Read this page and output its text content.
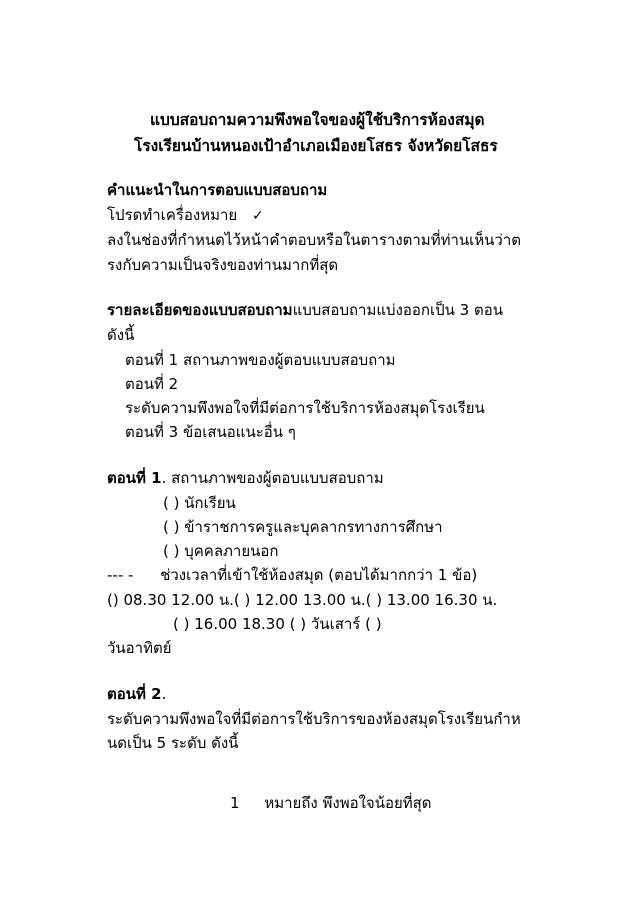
แบบสอบถามความพึงพอใจของผู้ใช้บริการห้องสมุด
โรงเรียนบ้านหนองเป้าอำเภอเมืองยโสธร จังหวัดยโสธร
คำแนะนำในการตอบแบบสอบถาม
โปรดทำเครื่องหมาย ✓
ลงในช่องที่กำหนดไว้หน้าคำตอบหรือในตารางตามที่ท่านเห็นว่าต
รงกับความเป็นจริงของท่านมากที่สุด
รายละเอียดของแบบสอบถามแบบสอบถามแบ่งออกเป็น 3 ตอน
ดังนี้
ตอนที่ 1 สถานภาพของผู้ตอบแบบสอบถาม
ตอนที่ 2
ระดับความพึงพอใจที่มีต่อการใช้บริการห้องสมุดโรงเรียน
ตอนที่ 3 ข้อเสนอแนะอื่น ๆ
ตอนที่ 1. สถานภาพของผู้ตอบแบบสอบถาม
( ) นักเรียน
( ) ข้าราชการครูและบุคลากรทางการศึกษา
( ) บุคคลภายนอก
--- - ช่วงเวลาที่เข้าใช้ห้องสมุด (ตอบได้มากกว่า 1 ข้อ)
() 08.30 12.00 น.( ) 12.00 13.00 น.( ) 13.00 16.30 น.
( ) 16.00 18.30 ( ) วันเสาร์ ( )
วันอาทิตย์
ตอนที่ 2.
ระดับความพึงพอใจที่มีต่อการใช้บริการของห้องสมุดโรงเรียนกำห
นดเป็น 5 ระดับ ดังนี้
1 หมายถึง พึงพอใจน้อยที่สุด
